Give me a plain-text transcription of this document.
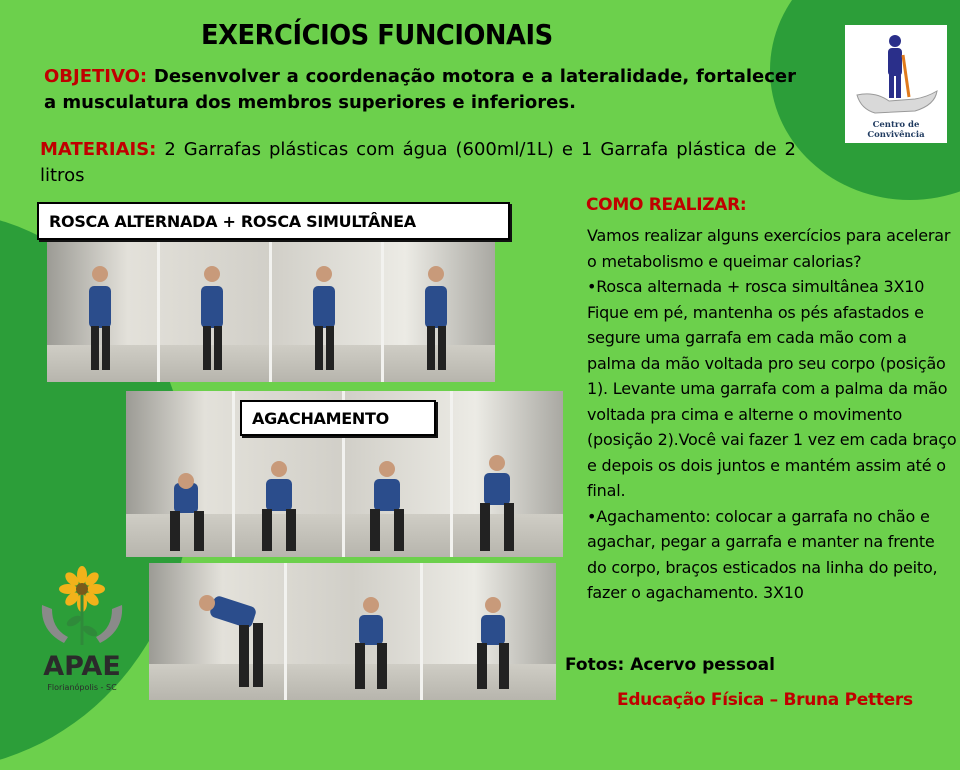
EXERCÍCIOS FUNCIONAIS

OBJETIVO: Desenvolver a coordenação motora e a lateralidade, fortalecer a musculatura dos membros superiores e inferiores.

MATERIAIS: 2 Garrafas plásticas com água (600ml/1L) e 1 Garrafa plástica de 2 litros

Centro de Convivência
ROSCA ALTERNADA + ROSCA SIMULTÂNEA
AGACHAMENTO
COMO REALIZAR:

Vamos realizar alguns exercícios para acelerar o metabolismo e queimar calorias?

•Rosca alternada + rosca simultânea 3X10 Fique em pé, mantenha os pés afastados e segure uma garrafa em cada mão com a palma da mão voltada pro seu corpo (posição 1). Levante uma garrafa com a palma da mão voltada pra cima e alterne o movimento (posição 2).Você vai fazer 1 vez em cada braço e depois os dois juntos e mantém assim até o final.

•Agachamento: colocar a garrafa no chão e agachar, pegar a garrafa e manter na frente do corpo, braços esticados na linha do peito, fazer o agachamento. 3X10

APAE
Florianópolis - SC
Fotos: Acervo pessoal
Educação Física – Bruna Petters
